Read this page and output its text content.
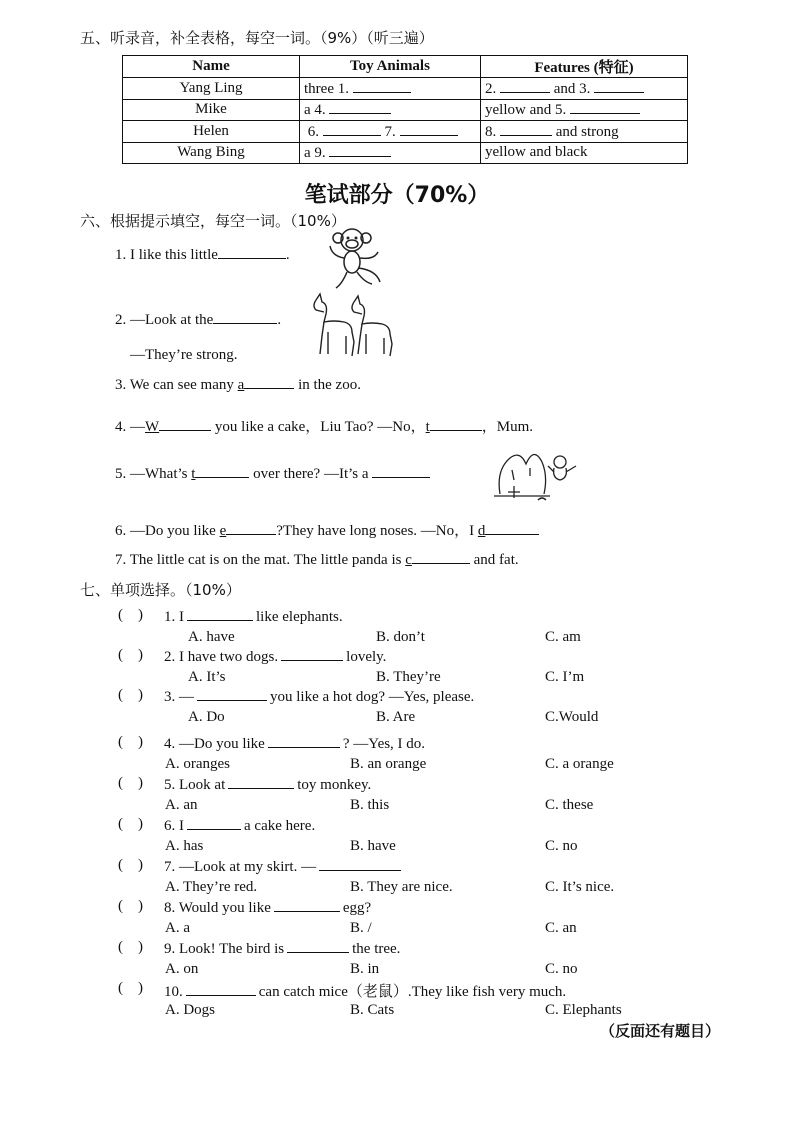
五、听录音，补全表格，每空一词。（9%）（听三遍）
Name	Toy Animals	Features (特征)
Yang Ling	three 1.	2. and 3.
Mike	a 4.	yellow and 5.
Helen	6. 7.	8. and strong
Wang Bing	a 9.	yellow and black
笔试部分（70%）
六、根据提示填空，每空一词。（10%）
1. I like this little	.
2. —Look at the	.
—They’re strong.
3. We can see many a	in the zoo.
4. —W	you like a cake，Liu Tao? —No，t	，Mum.
5. —What’s t	over there? —It’s a
6. —Do you like e	?They have long noses. —No，I d
7. The little cat is on the mat. The little panda is c	and fat.
七、单项选择。（10%）
(    ) 1. I	like elephants.
A. have	B. don’t	C. am
(    ) 2. I have two dogs.	lovely.
A. It’s	B. They’re	C. I’m
(    ) 3. —	you like a hot dog? —Yes, please.
A. Do	B. Are	C.Would
(    ) 4. —Do you like	? —Yes, I do.
A. oranges	B. an orange	C. a orange
(    ) 5. Look at	toy monkey.
A. an	B. this	C. these
(    ) 6. I	a cake here.
A. has	B. have	C. no
(    ) 7. —Look at my skirt. —
A. They’re red.	B. They are nice.	C. It’s nice.
(    ) 8. Would you like	egg?
A. a	B. /	C. an
(    ) 9. Look! The bird is	the tree.
A. on	B. in	C. no
(    ) 10.	can catch mice（老鼠）.They like fish very much.
A. Dogs	B. Cats	C. Elephants
（反面还有题目）
